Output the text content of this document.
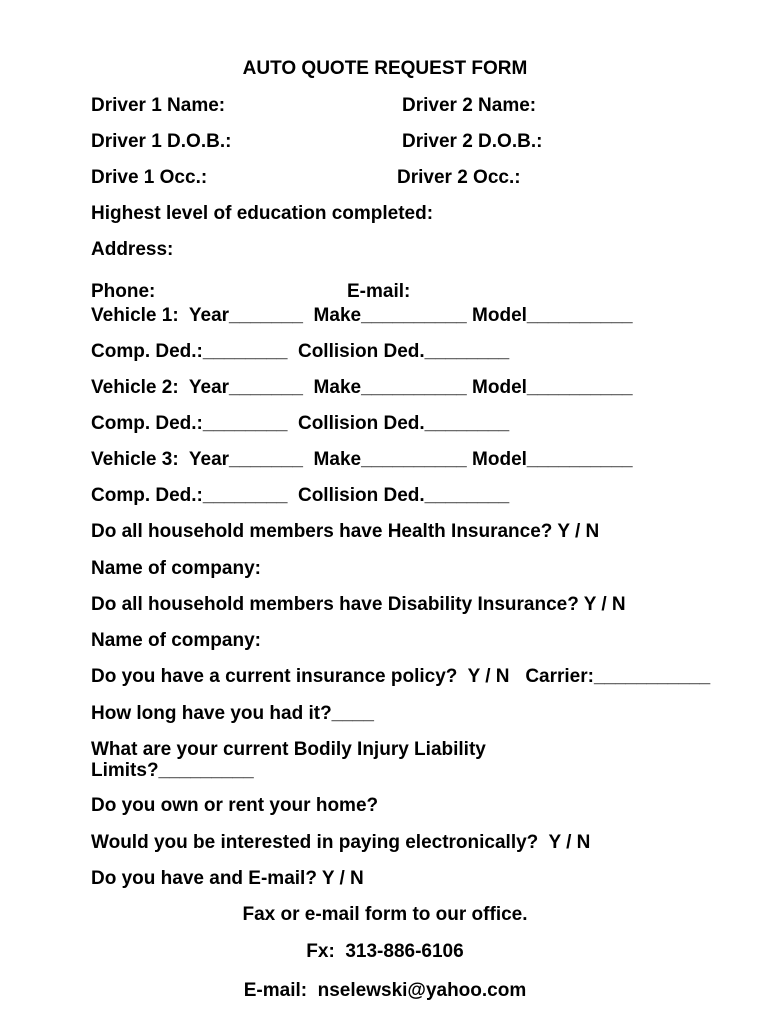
AUTO QUOTE REQUEST FORM
Driver 1 Name:	Driver 2 Name:
Driver 1 D.O.B.:	Driver 2 D.O.B.:
Drive 1 Occ.:	Driver 2 Occ.:
Highest level of education completed:
Address:
Phone:	E-mail:
Vehicle 1:  Year_______  Make__________ Model__________
Comp. Ded.:________  Collision Ded.________
Vehicle 2:  Year_______  Make__________ Model__________
Comp. Ded.:________  Collision Ded.________
Vehicle 3:  Year_______  Make__________ Model__________
Comp. Ded.:________  Collision Ded.________
Do all household members have Health Insurance? Y / N
Name of company:
Do all household members have Disability Insurance? Y / N
Name of company:
Do you have a current insurance policy?  Y / N   Carrier:___________
How long have you had it?____
What are your current Bodily Injury Liability
Limits?_________
Do you own or rent your home?
Would you be interested in paying electronically?  Y / N
Do you have and E-mail? Y / N
Fax or e-mail form to our office.
Fx:  313-886-6106
E-mail:  nselewski@yahoo.com
